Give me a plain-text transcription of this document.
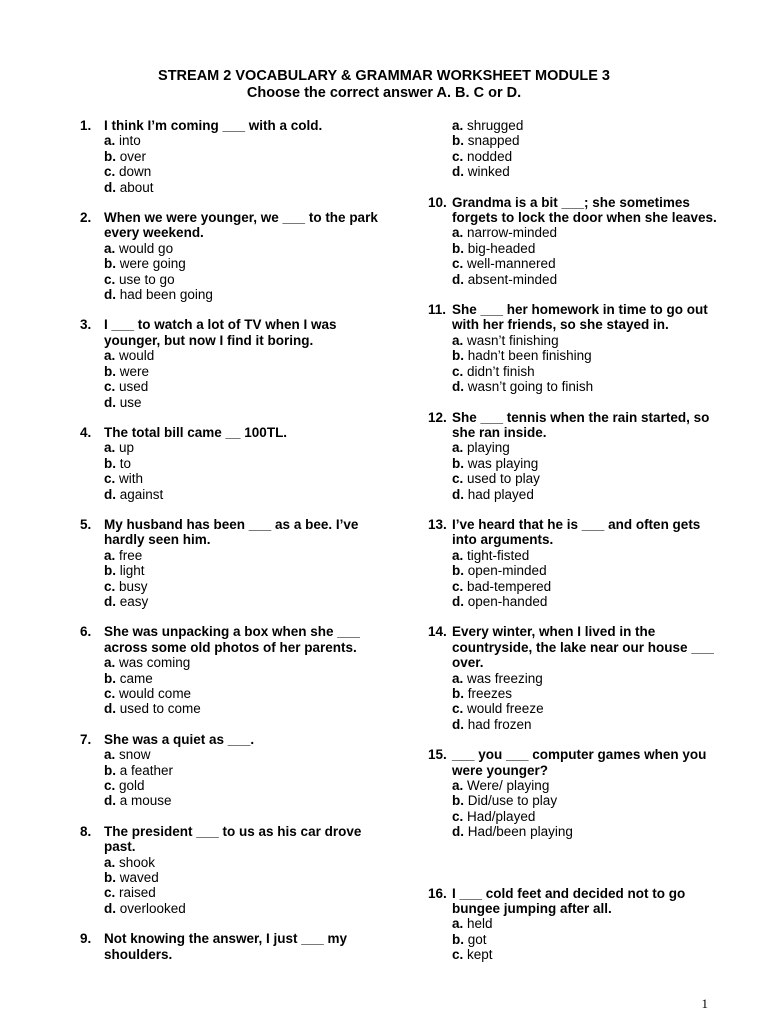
STREAM 2 VOCABULARY & GRAMMAR WORKSHEET MODULE 3
Choose the correct answer A. B. C or D.
1. I think I’m coming ___ with a cold.
a. into
b. over
c. down
d. about
2. When we were younger, we ___ to the park every weekend.
a. would go
b. were going
c. use to go
d. had been going
3. I ___ to watch a lot of TV when I was younger, but now I find it boring.
a. would
b. were
c. used
d. use
4. The total bill came __ 100TL.
a. up
b. to
c. with
d. against
5. My husband has been ___ as a bee. I’ve hardly seen him.
a. free
b. light
c. busy
d. easy
6. She was unpacking a box when she ___ across some old photos of her parents.
a. was coming
b. came
c. would come
d. used to come
7. She was a quiet as ___.
a. snow
b. a feather
c. gold
d. a mouse
8. The president ___ to us as his car drove past.
a. shook
b. waved
c. raised
d. overlooked
9. Not knowing the answer, I just ___ my shoulders.
a. shrugged
b. snapped
c. nodded
d. winked
10. Grandma is a bit ___; she sometimes forgets to lock the door when she leaves.
a. narrow-minded
b. big-headed
c. well-mannered
d. absent-minded
11. She ___ her homework in time to go out with her friends, so she stayed in.
a. wasn’t finishing
b. hadn’t been finishing
c. didn’t finish
d. wasn’t going to finish
12. She ___ tennis when the rain started, so she ran inside.
a. playing
b. was playing
c. used to play
d. had played
13. I’ve heard that he is ___ and often gets into arguments.
a. tight-fisted
b. open-minded
c. bad-tempered
d. open-handed
14. Every winter, when I lived in the countryside, the lake near our house ___ over.
a. was freezing
b. freezes
c. would freeze
d. had frozen
15. ___ you ___ computer games when you were younger?
a. Were/ playing
b. Did/use to play
c. Had/played
d. Had/been playing
16. I ___ cold feet and decided not to go bungee jumping after all.
a. held
b. got
c. kept
1
